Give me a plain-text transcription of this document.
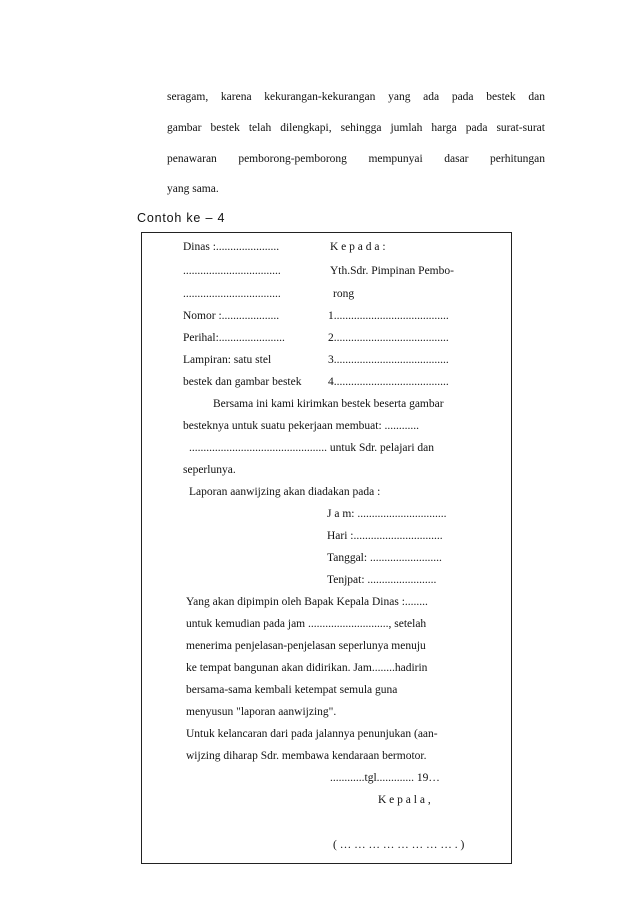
seragam, karena kekurangan-kekurangan yang ada pada bestek dan
gambar bestek telah dilengkapi, sehingga jumlah harga pada surat-surat
penawaran pemborong-pemborong mempunyai dasar perhitungan
yang sama.
Contoh ke – 4
Dinas :......................
..................................
..................................
Nomor :....................
Perihal:.......................
Lampiran: satu stel
bestek dan gambar bestek
K e p a d a :
Yth.Sdr. Pimpinan Pembo-
rong
1........................................
2........................................
3........................................
4........................................
Bersama ini kami kirimkan bestek beserta gambar
besteknya untuk suatu pekerjaan membuat: ............
................................................ untuk Sdr. pelajari dan
seperlunya.
Laporan aanwijzing akan diadakan pada :
J a m: ...............................
Hari :...............................
Tanggal: .........................
Tenjpat: ........................
Yang akan dipimpin oleh Bapak Kepala Dinas :........
untuk kemudian pada jam ............................, setelah
menerima penjelasan-penjelasan seperlunya menuju
ke tempat bangunan akan didirikan. Jam........hadirin
bersama-sama kembali ketempat semula guna
menyusun "laporan aanwijzing".
Untuk kelancaran dari pada jalannya penunjukan (aan-
wijzing diharap Sdr. membawa kendaraan bermotor.
............tgl............. 19…
K e p a l a ,
( … … … … … … … … . )
